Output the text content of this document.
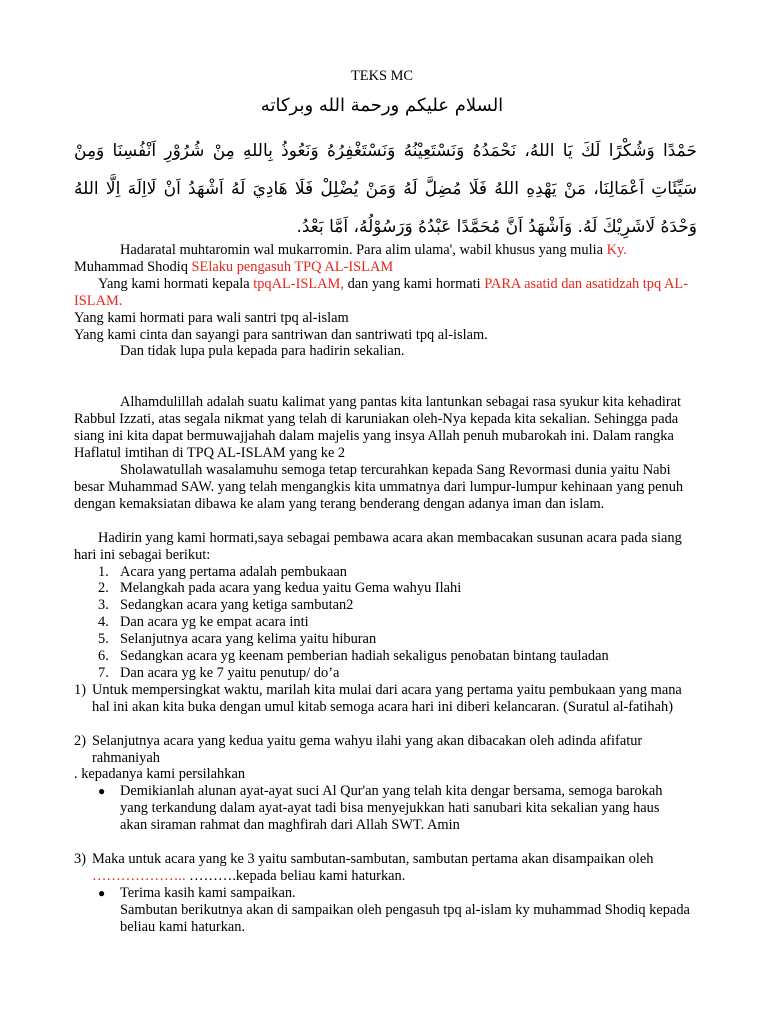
TEKS MC
السلام عليكم ورحمة الله وبركاته
حَمْدًا وَشُكْرًا لَكَ يَا اللهُ، نَحْمَدُهُ وَنَسْتَعِيْنُهُ وَنَسْتَغْفِرُهُ وَنَعُوذُ بِاللهِ مِنْ شُرُوْرِ اَنْفُسِنَا وَمِنْ سَيِّئَاتِ اَعْمَالِنَا، مَنْ يَهْدِهِ اللهُ فَلَا مُضِلَّ لَهُ وَمَنْ يُضْلِلْ فَلَا هَادِيَ لَهُ اَشْهَدُ اَنْ لَااِلَهَ اِلَّا اللهُ وَحْدَهُ لَاشَرِيْكَ لَهُ. وَاَشْهَدُ اَنَّ مُحَمَّدًا عَبْدُهُ وَرَسُوْلُهُ، اَمَّا بَعْدُ.

Hadaratal muhtaromin wal mukarromin. Para alim ulama', wabil khusus yang mulia Ky. Muhammad Shodiq SElaku pengasuh TPQ AL-ISLAM

Yang kami hormati kepala tpqAL-ISLAM, dan yang kami hormati PARA asatid dan asatidzah tpq AL-ISLAM.

Yang kami hormati para wali santri tpq al-islam

Yang kami cinta dan sayangi para santriwan dan santriwati tpq al-islam.

Dan tidak lupa pula kepada para hadirin sekalian.

Alhamdulillah adalah suatu kalimat yang pantas kita lantunkan sebagai rasa syukur kita kehadirat Rabbul Izzati, atas segala nikmat yang telah di karuniakan oleh-Nya kepada kita sekalian. Sehingga pada siang ini kita dapat bermuwajjahah dalam majelis yang insya Allah penuh mubarokah ini. Dalam rangka Haflatul imtihan di TPQ AL-ISLAM yang ke 2

Sholawatullah wasalamuhu semoga tetap tercurahkan kepada Sang Revormasi dunia yaitu Nabi besar Muhammad SAW. yang telah mengangkis kita ummatnya dari lumpur-lumpur kehinaan yang penuh dengan kemaksiatan dibawa ke alam yang terang benderang dengan adanya iman dan islam.

Hadirin yang kami hormati,saya sebagai pembawa acara akan membacakan susunan acara pada siang hari ini sebagai berikut:

1. Acara yang pertama adalah pembukaan
2. Melangkah pada acara yang kedua yaitu Gema wahyu Ilahi
3. Sedangkan acara yang ketiga sambutan2
4. Dan acara yg ke empat acara inti
5. Selanjutnya acara yang kelima yaitu hiburan
6. Sedangkan acara yg keenam pemberian hadiah sekaligus penobatan bintang tauladan
7. Dan acara yg ke 7 yaitu penutup/ do’a
1) Untuk mempersingkat waktu, marilah kita mulai dari acara yang pertama yaitu pembukaan yang mana hal ini akan kita buka dengan umul kitab semoga acara hari ini diberi kelancaran. (Suratul al-fatihah)
2) Selanjutnya acara yang kedua yaitu gema wahyu ilahi yang akan dibacakan oleh adinda afifatur rahmaniyah

. kepadanya kami persilahkan

● Demikianlah alunan ayat-ayat suci Al Qur'an yang telah kita dengar bersama, semoga barokah yang terkandung dalam ayat-ayat tadi bisa menyejukkan hati sanubari kita sekalian yang haus akan siraman rahmat dan maghfirah dari Allah SWT. Amin
3) Maka untuk acara yang ke 3 yaitu sambutan-sambutan, sambutan pertama akan disampaikan oleh ……………….. ……….kepada beliau kami haturkan.
● Terima kasih kami sampaikan.
Sambutan berikutnya akan di sampaikan oleh pengasuh tpq al-islam ky muhammad Shodiq kepada beliau kami haturkan.
